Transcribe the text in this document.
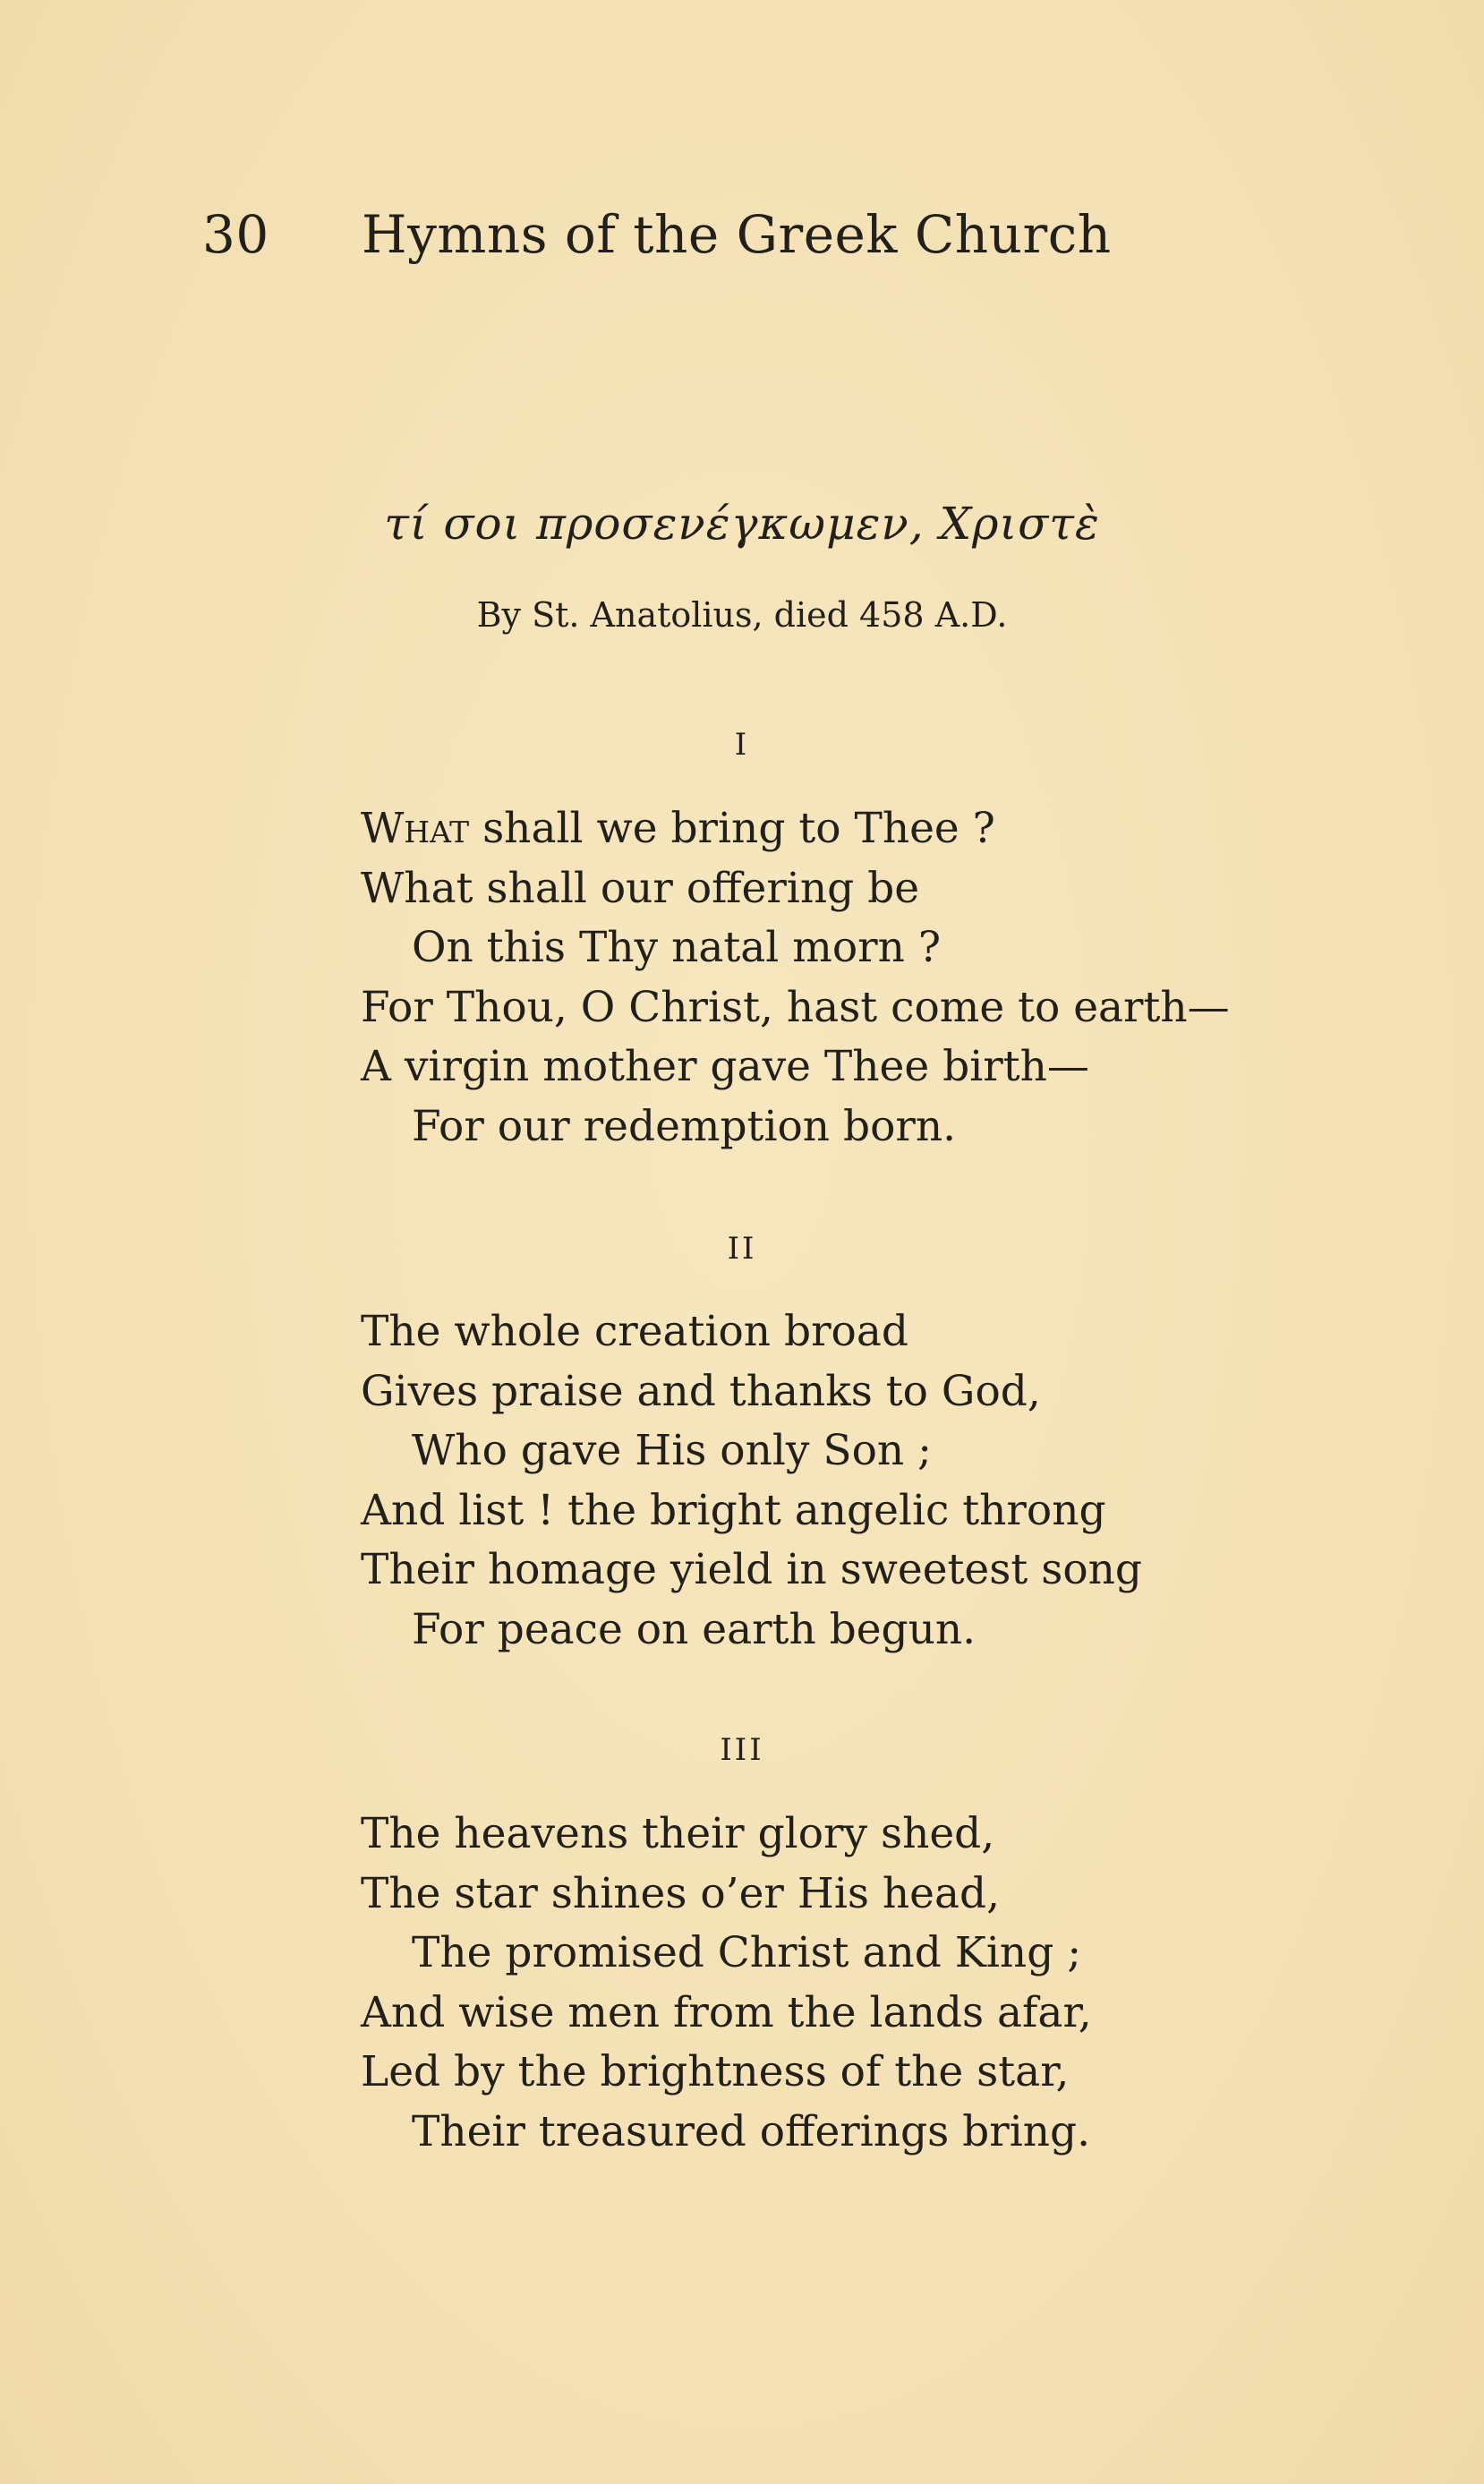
30 Hymns of the Greek Church
τί σοι προσενέγκωμεν, Χριστὲ
By St. Anatolius, died 458 A.D.
I
What shall we bring to Thee ?
What shall our offering be
On this Thy natal morn ?
For Thou, O Christ, hast come to earth—
A virgin mother gave Thee birth—
For our redemption born.
II
The whole creation broad
Gives praise and thanks to God,
Who gave His only Son ;
And list ! the bright angelic throng
Their homage yield in sweetest song
For peace on earth begun.
III
The heavens their glory shed,
The star shines o’er His head,
The promised Christ and King ;
And wise men from the lands afar,
Led by the brightness of the star,
Their treasured offerings bring.
